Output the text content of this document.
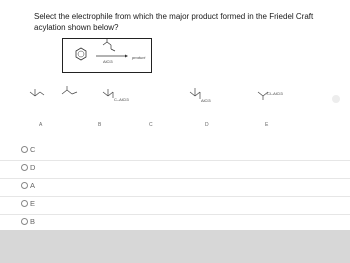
Select the electrophile from which the major product formed in the Friedel Craft acylation shown below?
AlCl3
product
C–AlCl3	AlCl3
:Cl–AlCl3
A	B	C	D	E
C
D
A
E
B
